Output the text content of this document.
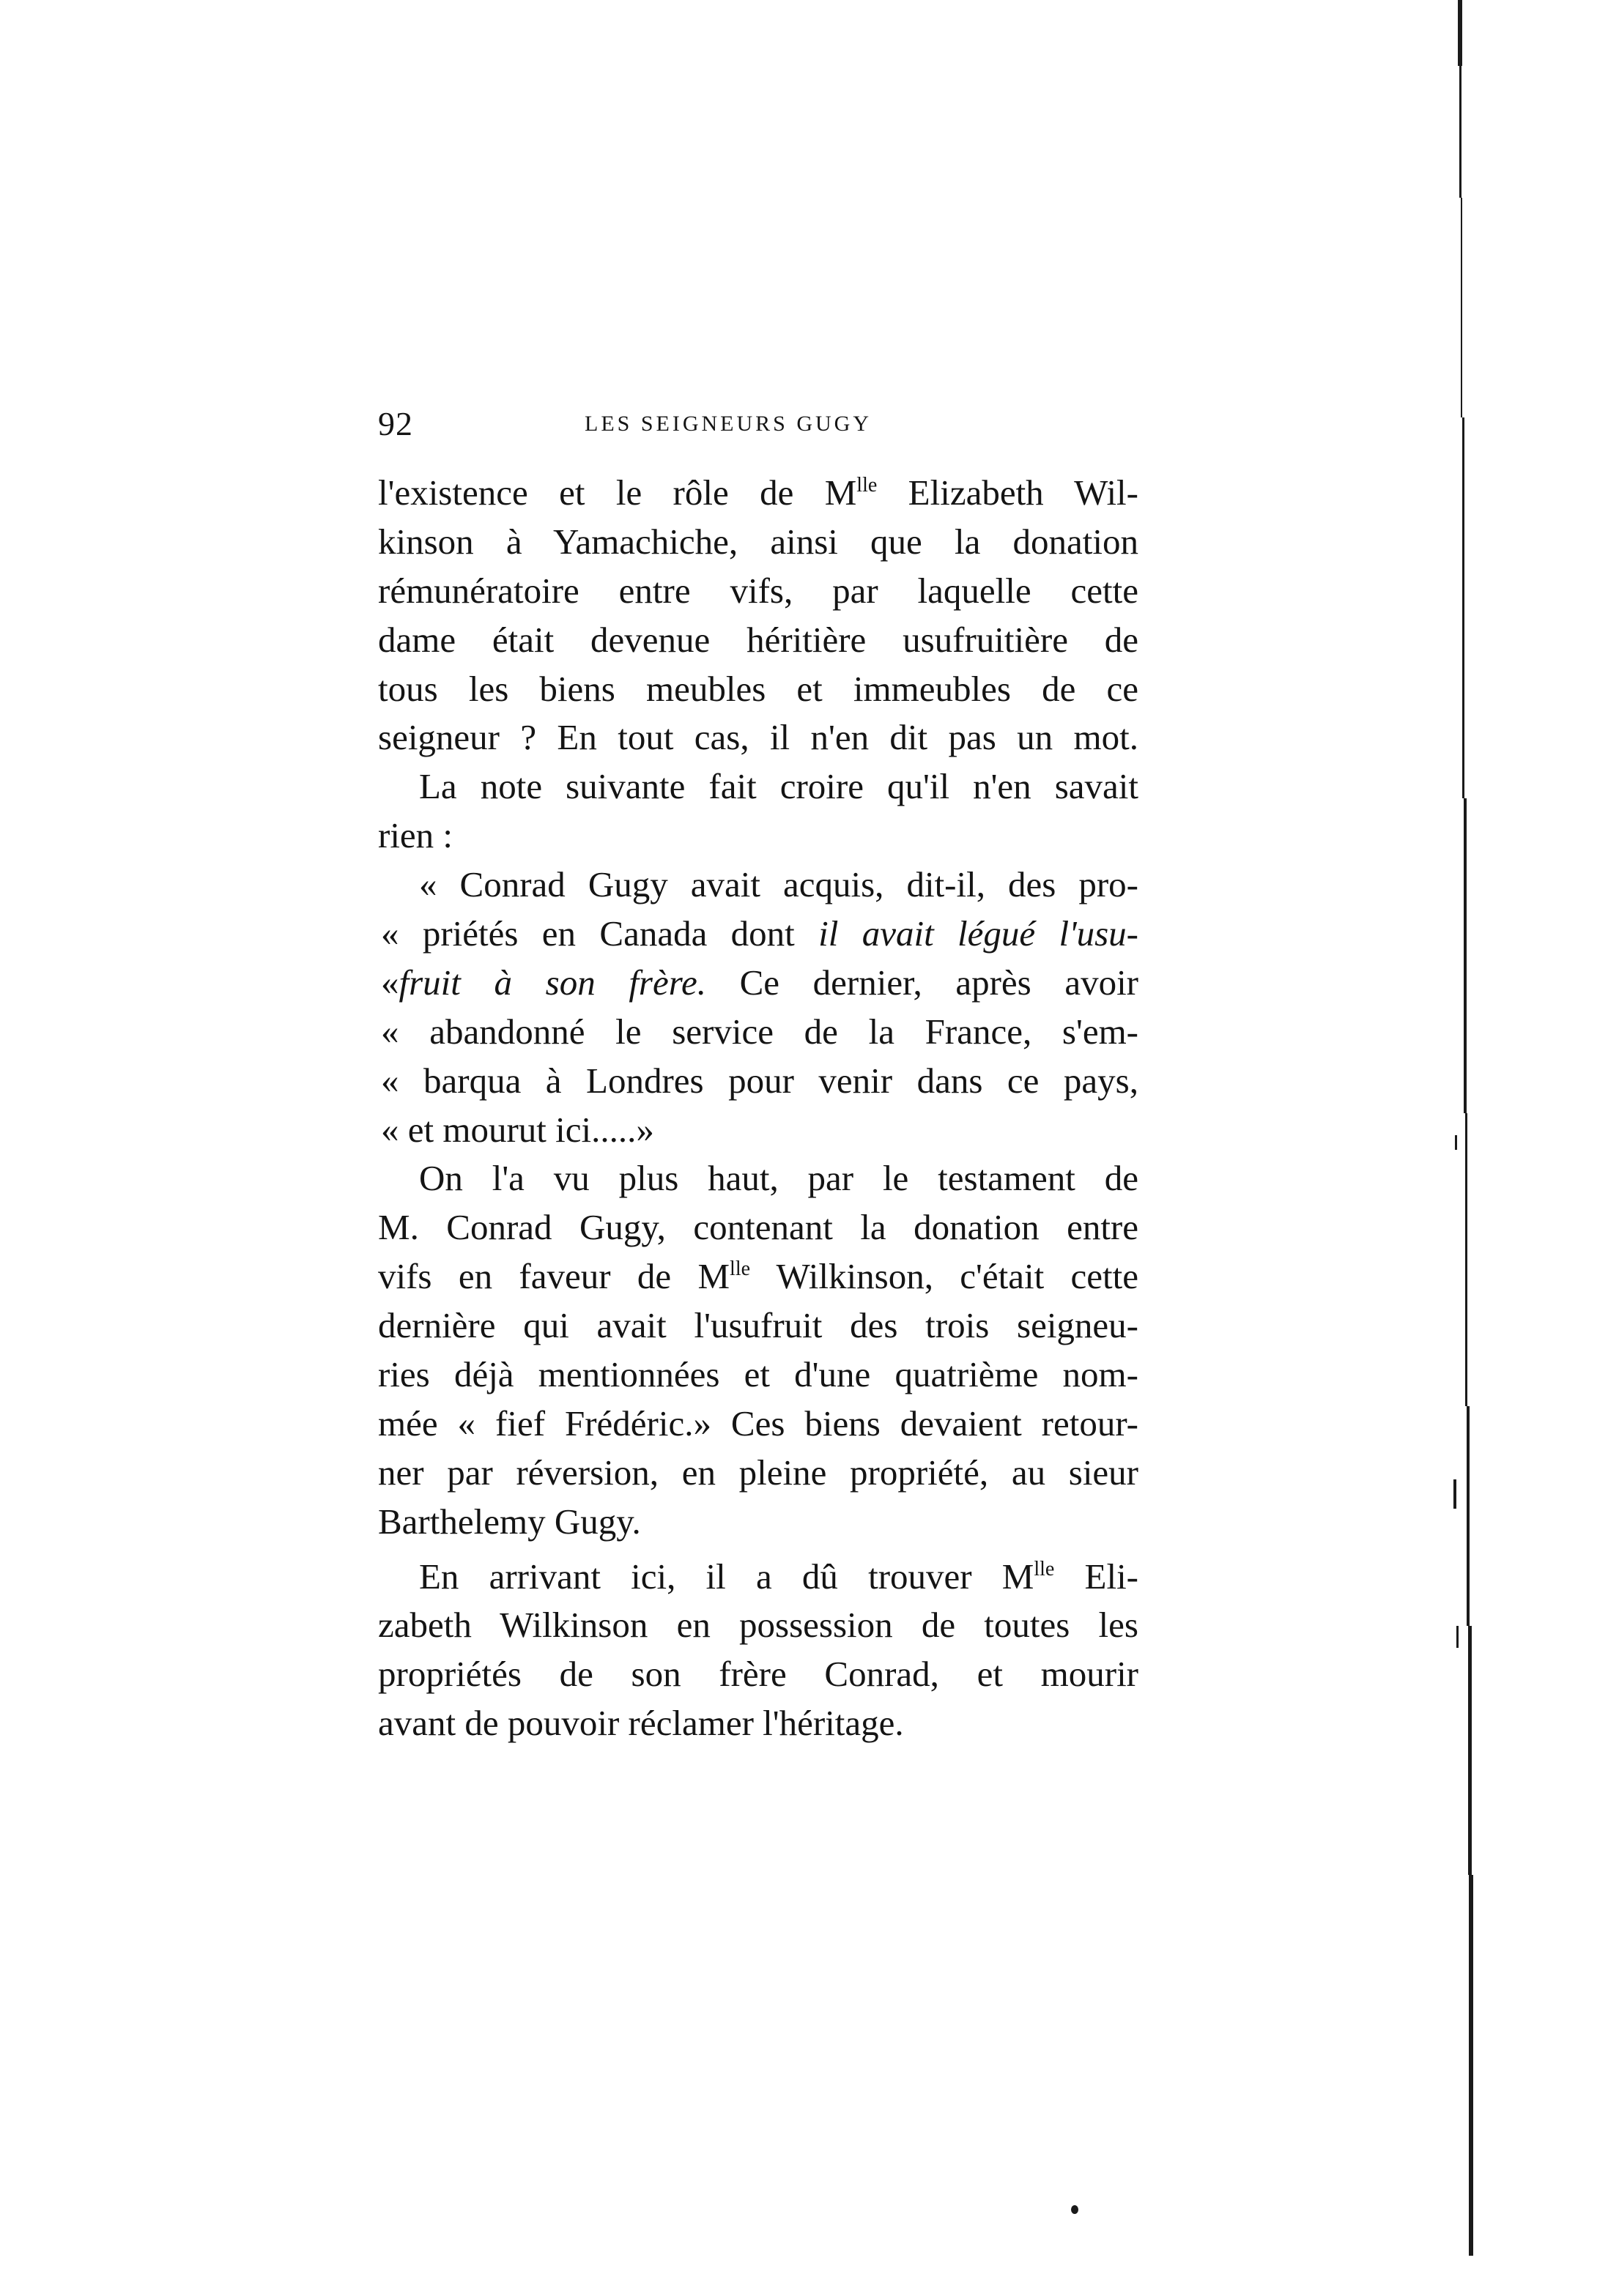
92	LES SEIGNEURS GUGY
l'existence et le rôle de $M^{lle}$ Elizabeth Wil-
kinson à Yamachiche, ainsi que la donation
rémunératoire entre vifs, par laquelle cette
dame était devenue héritière usufruitière de
tous les biens meubles et immeubles de ce
seigneur ? En tout cas, il n'en dit pas un mot.
La note suivante fait croire qu'il n'en savait
rien :
« Conrad Gugy avait acquis, dit-il, des pro-
« priétés en Canada dont il avait légué l'usu-
«fruit à son frère. Ce dernier, après avoir
« abandonné le service de la France, s'em-
« barqua à Londres pour venir dans ce pays,
« et mourut ici.....»
On l'a vu plus haut, par le testament de
M. Conrad Gugy, contenant la donation entre
vifs en faveur de $M^{lle}$ Wilkinson, c'était cette
dernière qui avait l'usufruit des trois seigneu-
ries déjà mentionnées et d'une quatrième nom-
mée « fief Frédéric.» Ces biens devaient retour-
ner par réversion, en pleine propriété, au sieur
Barthelemy Gugy.
En arrivant ici, il a dû trouver $M^{lle}$ Eli-
zabeth Wilkinson en possession de toutes les
propriétés de son frère Conrad, et mourir
avant de pouvoir réclamer l'héritage.
